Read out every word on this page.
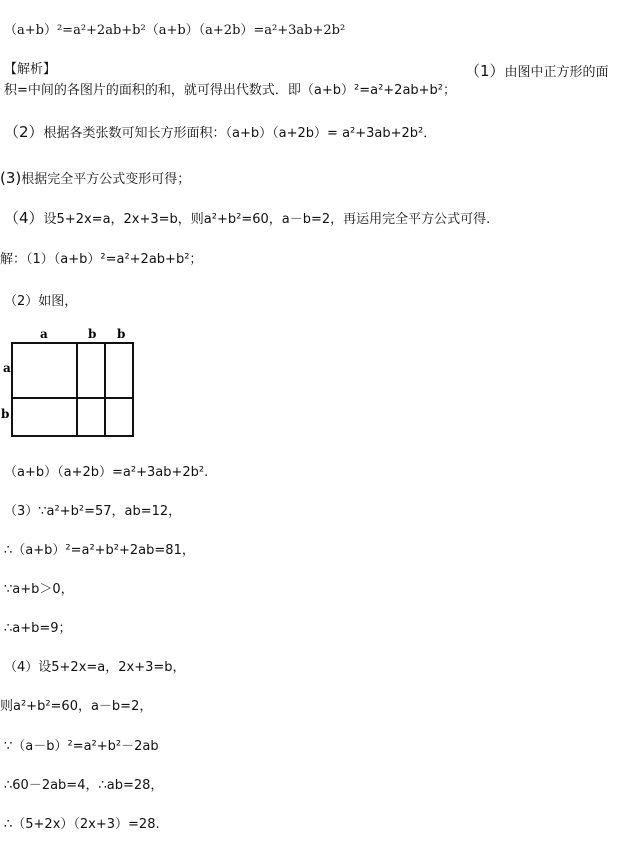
（a+b）²=a²+2ab+b²（a+b）（a+2b）=a²+3ab+2b²
【解析】	（1）由图中正方形的面
积=中间的各图片的面积的和，就可得出代数式．即（a+b）²=a²+2ab+b²；
（2）根据各类张数可知长方形面积：（a+b）（a+2b）= a²+3ab+2b²．
(3)根据完全平方公式变形可得；
（4）设5+2x=a，2x+3=b，则a²+b²=60，a－b=2，再运用完全平方公式可得.
解：（1）（a+b）²=a²+2ab+b²；
（2）如图，
a	b b
a
b
（a+b）（a+2b）=a²+3ab+2b².
（3）∵a²+b²=57，ab=12，
∴（a+b）²=a²+b²+2ab=81，
∵a+b＞0，
∴a+b=9；
（4）设5+2x=a，2x+3=b，
则a²+b²=60，a－b=2，
∵（a－b）²=a²+b²－2ab
∴60－2ab=4，∴ab=28，
∴（5+2x）（2x+3）=28.
